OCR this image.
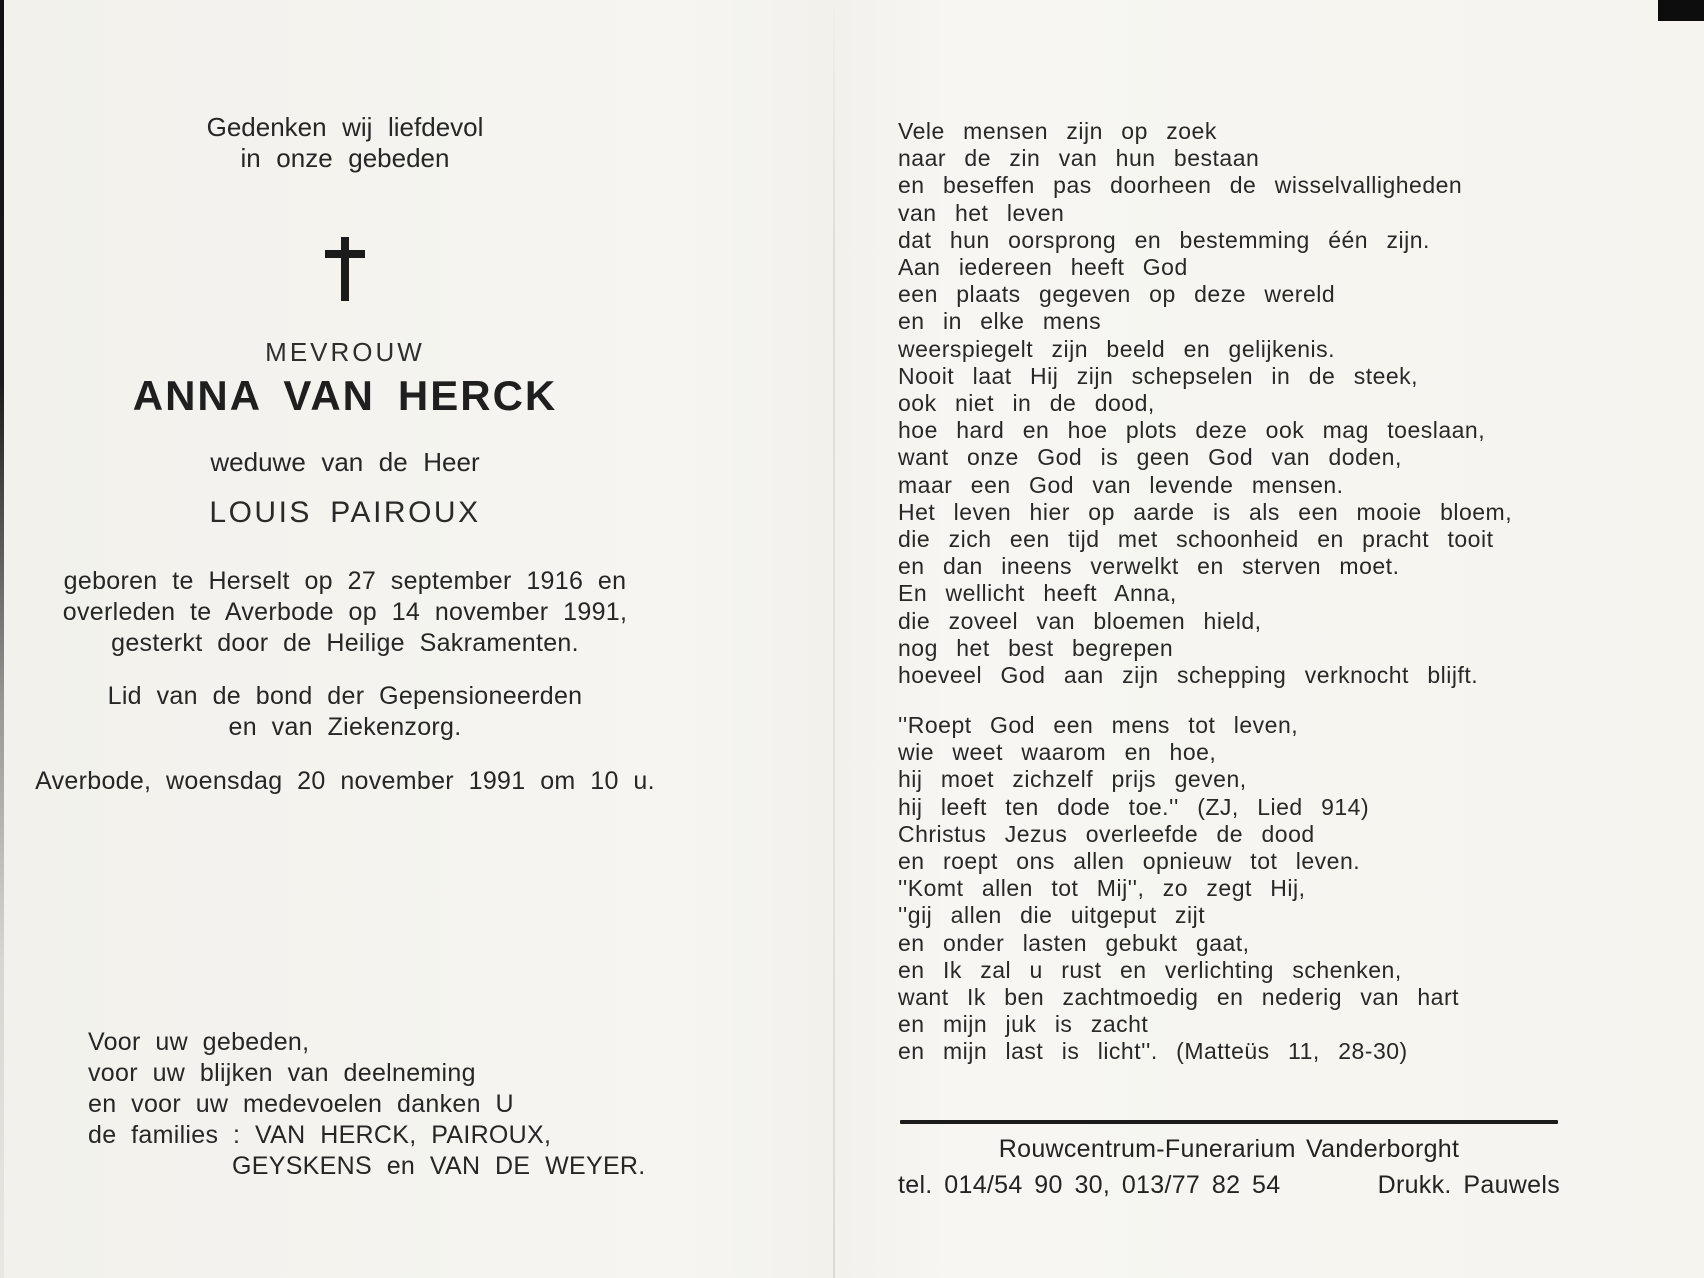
Gedenken wij liefdevol
in onze gebeden
MEVROUW
ANNA VAN HERCK
weduwe van de Heer
LOUIS PAIROUX
geboren te Herselt op 27 september 1916 en
overleden te Averbode op 14 november 1991,
gesterkt door de Heilige Sakramenten.
Lid van de bond der Gepensioneerden
en van Ziekenzorg.
Averbode, woensdag 20 november 1991 om 10 u.
Voor uw gebeden,
voor uw blijken van deelneming
en voor uw medevoelen danken U
de families : VAN HERCK, PAIROUX,
GEYSKENS en VAN DE WEYER.
Vele mensen zijn op zoek
naar de zin van hun bestaan
en beseffen pas doorheen de wisselvalligheden
van het leven
dat hun oorsprong en bestemming één zijn.
Aan iedereen heeft God
een plaats gegeven op deze wereld
en in elke mens
weerspiegelt zijn beeld en gelijkenis.
Nooit laat Hij zijn schepselen in de steek,
ook niet in de dood,
hoe hard en hoe plots deze ook mag toeslaan,
want onze God is geen God van doden,
maar een God van levende mensen.
Het leven hier op aarde is als een mooie bloem,
die zich een tijd met schoonheid en pracht tooit
en dan ineens verwelkt en sterven moet.
En wellicht heeft Anna,
die zoveel van bloemen hield,
nog het best begrepen
hoeveel God aan zijn schepping verknocht blijft.
''Roept God een mens tot leven,
wie weet waarom en hoe,
hij moet zichzelf prijs geven,
hij leeft ten dode toe.'' (ZJ, Lied 914)
Christus Jezus overleefde de dood
en roept ons allen opnieuw tot leven.
''Komt allen tot Mij'', zo zegt Hij,
''gij allen die uitgeput zijt
en onder lasten gebukt gaat,
en Ik zal u rust en verlichting schenken,
want Ik ben zachtmoedig en nederig van hart
en mijn juk is zacht
en mijn last is licht''. (Matteüs 11, 28-30)
Rouwcentrum-Funerarium Vanderborght
tel. 014/54 90 30, 013/77 82 54	Drukk. Pauwels
